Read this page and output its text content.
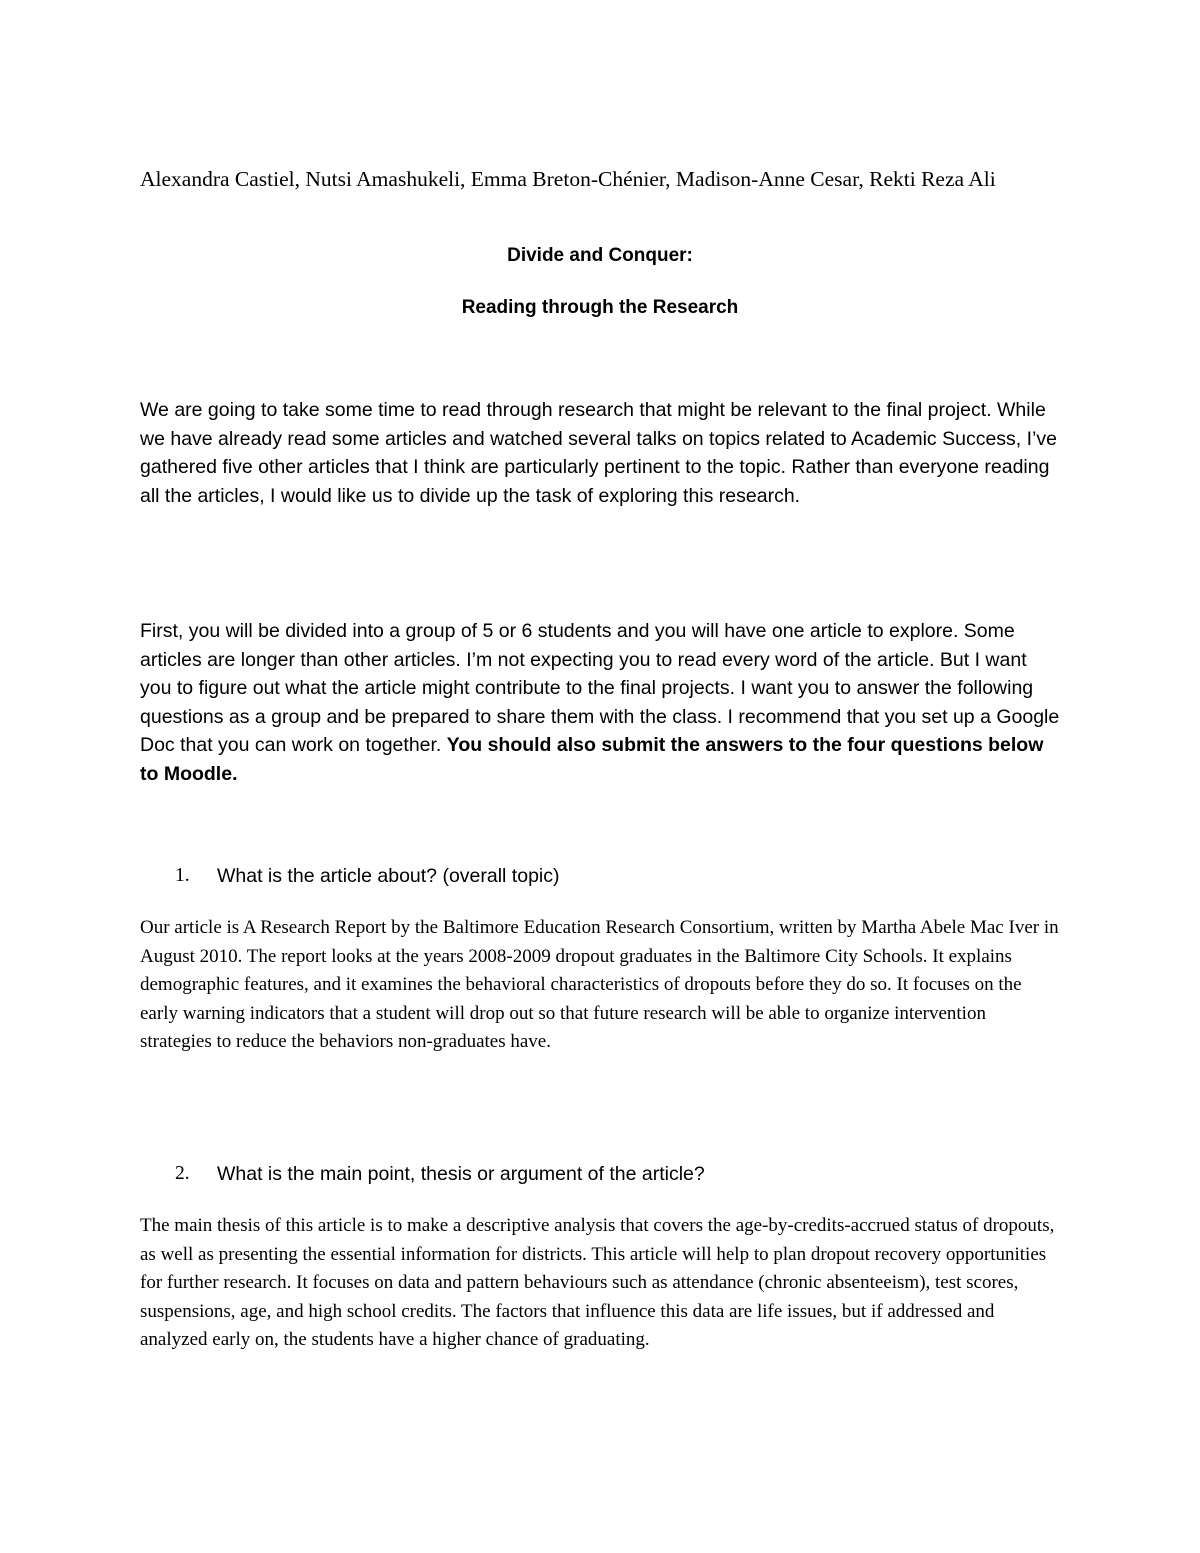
Alexandra Castiel, Nutsi Amashukeli, Emma Breton-Chénier, Madison-Anne Cesar, Rekti Reza Ali

Divide and Conquer:
Reading through the Research

We are going to take some time to read through research that might be relevant to the final project. While we have already read some articles and watched several talks on topics related to Academic Success, I’ve gathered five other articles that I think are particularly pertinent to the topic. Rather than everyone reading all the articles, I would like us to divide up the task of exploring this research.

First, you will be divided into a group of 5 or 6 students and you will have one article to explore. Some articles are longer than other articles. I’m not expecting you to read every word of the article. But I want you to figure out what the article might contribute to the final projects. I want you to answer the following questions as a group and be prepared to share them with the class. I recommend that you set up a Google Doc that you can work on together. You should also submit the answers to the four questions below to Moodle.

1. What is the article about? (overall topic)

Our article is A Research Report by the Baltimore Education Research Consortium, written by Martha Abele Mac Iver in August 2010. The report looks at the years 2008-2009 dropout graduates in the Baltimore City Schools. It explains demographic features, and it examines the behavioral characteristics of dropouts before they do so. It focuses on the early warning indicators that a student will drop out so that future research will be able to organize intervention strategies to reduce the behaviors non-graduates have.

2. What is the main point, thesis or argument of the article?

The main thesis of this article is to make a descriptive analysis that covers the age-by-credits-accrued status of dropouts, as well as presenting the essential information for districts. This article will help to plan dropout recovery opportunities for further research. It focuses on data and pattern behaviours such as attendance (chronic absenteeism), test scores, suspensions, age, and high school credits. The factors that influence this data are life issues, but if addressed and analyzed early on, the students have a higher chance of graduating.
